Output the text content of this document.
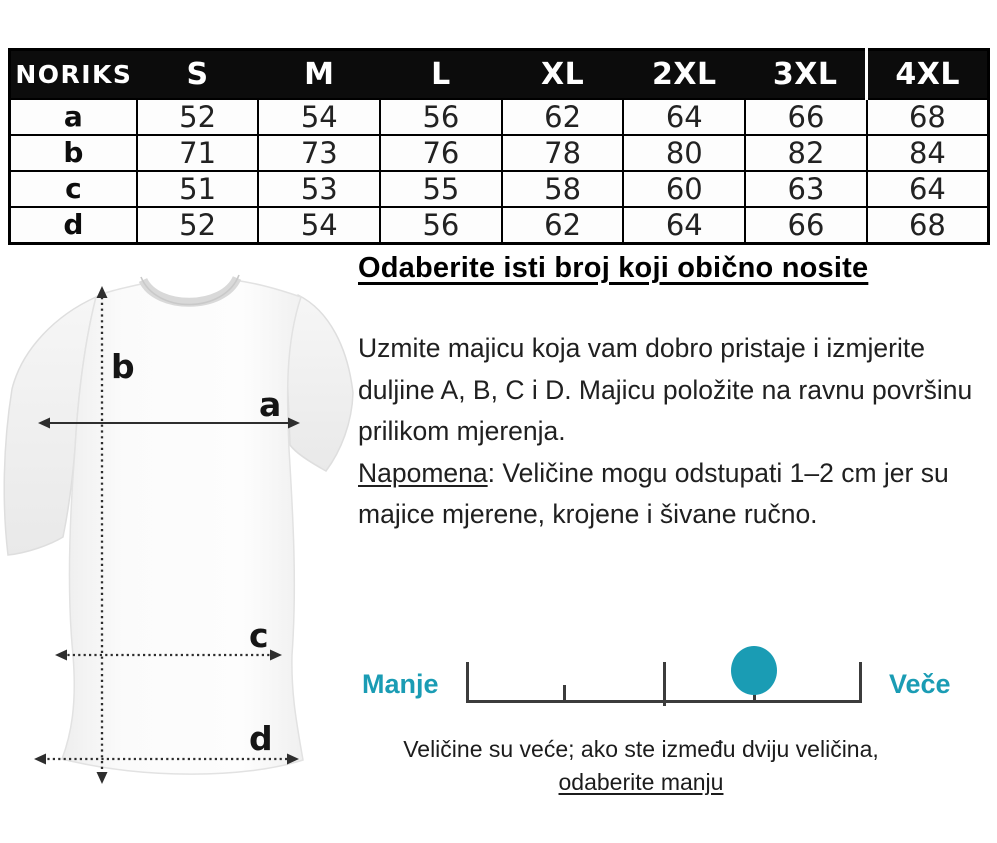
NORIKS	S	M	L	XL	2XL	3XL	4XL
a	52	54	56	62	64	66	68
b	71	73	76	78	80	82	84
c	51	53	55	58	60	63	64
d	52	54	56	62	64	66	68
b
a
c
d
Odaberite isti broj koji obično nosite

Uzmite majicu koja vam dobro pristaje i izmjerite duljine A, B, C i D. Majicu položite na ravnu površinu prilikom mjerenja.

Napomena: Veličine mogu odstupati 1–2 cm jer su majice mjerene, krojene i šivane ručno.

Manje	Veče
Veličine su veće; ako ste između dviju veličina,
odaberite manju
